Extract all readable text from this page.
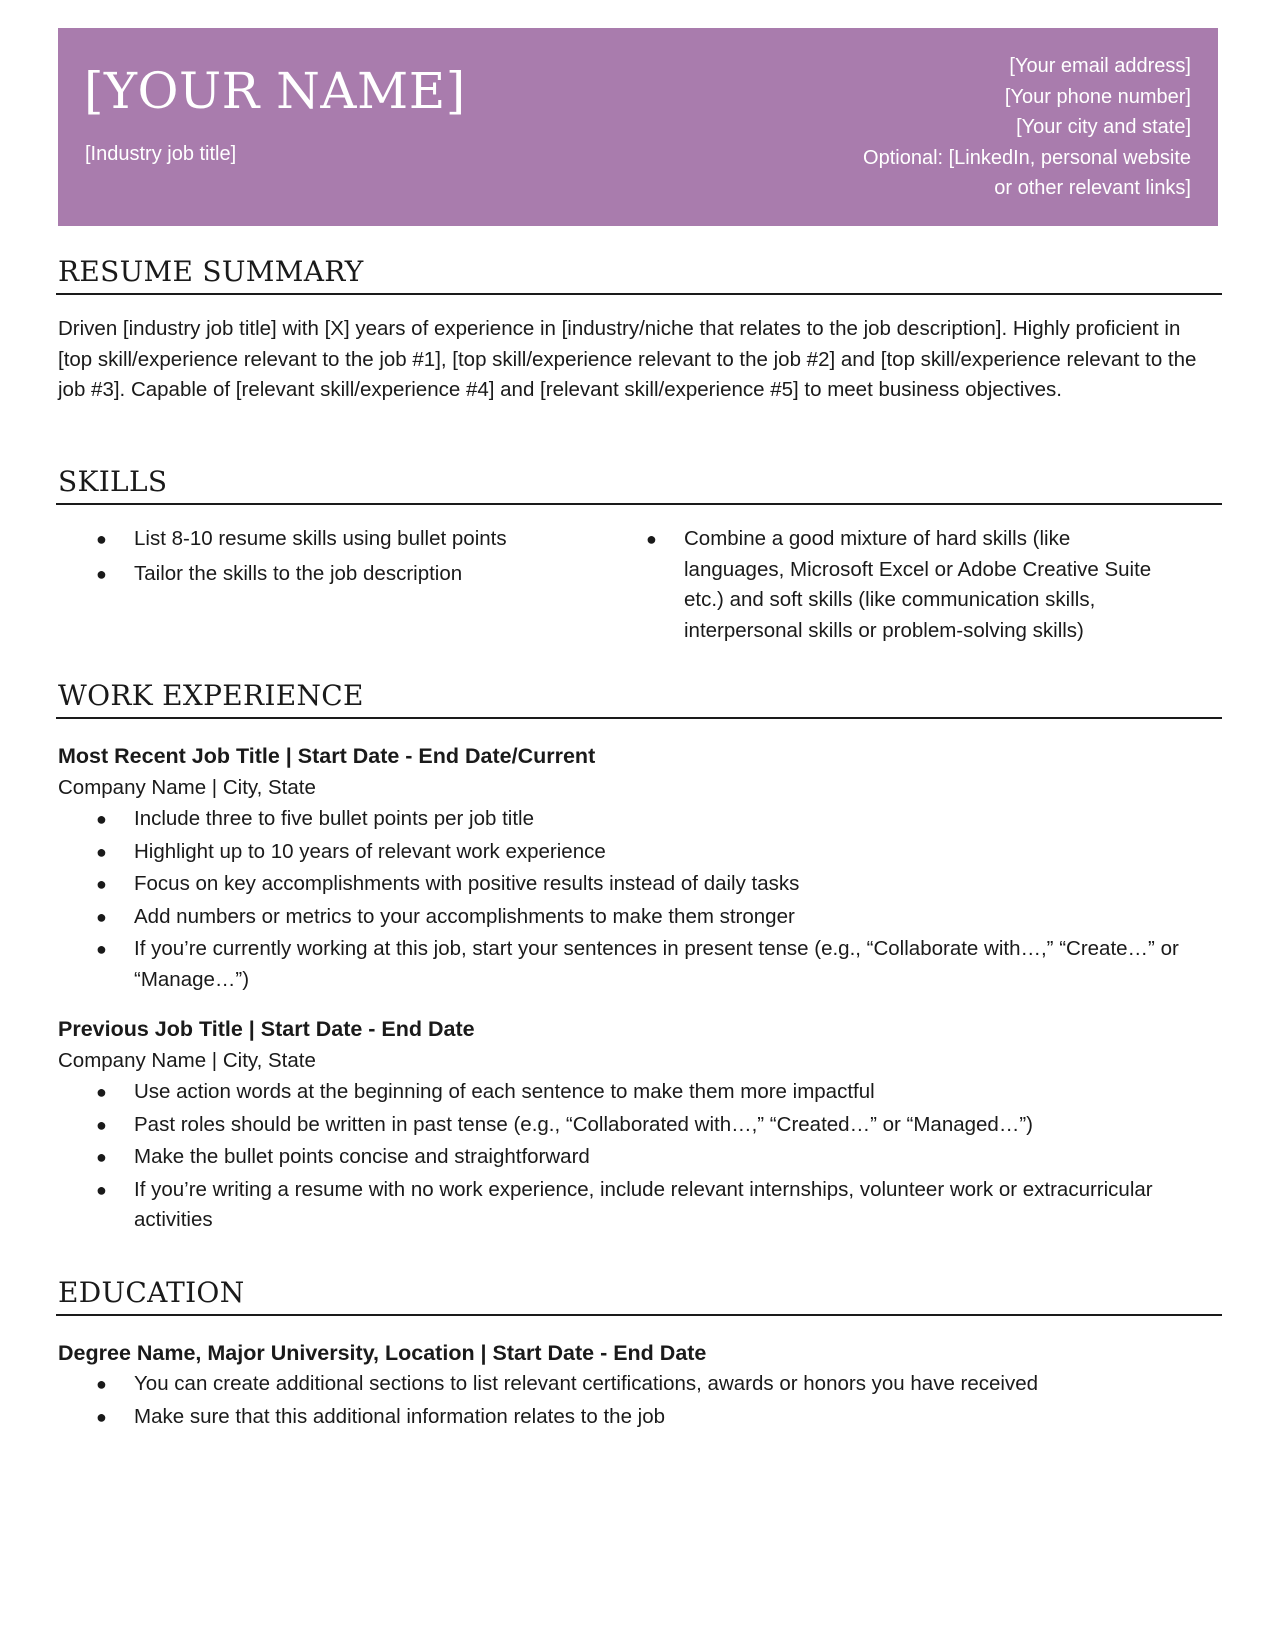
[YOUR NAME]
[Industry job title]
[Your email address]
[Your phone number]
[Your city and state]
Optional: [LinkedIn, personal website
or other relevant links]
RESUME SUMMARY

Driven [industry job title] with [X] years of experience in [industry/niche that relates to the job description]. Highly proficient in [top skill/experience relevant to the job #1], [top skill/experience relevant to the job #2] and [top skill/experience relevant to the job #3]. Capable of [relevant skill/experience #4] and [relevant skill/experience #5] to meet business objectives.

SKILLS
● List 8-10 resume skills using bullet points
● Tailor the skills to the job description
● Combine a good mixture of hard skills (like languages, Microsoft Excel or Adobe Creative Suite etc.) and soft skills (like communication skills, interpersonal skills or problem-solving skills)
WORK EXPERIENCE
Most Recent Job Title | Start Date - End Date/Current
Company Name | City, State
● Include three to five bullet points per job title
● Highlight up to 10 years of relevant work experience
● Focus on key accomplishments with positive results instead of daily tasks
● Add numbers or metrics to your accomplishments to make them stronger
● If you’re currently working at this job, start your sentences in present tense (e.g., “Collaborate with…,” “Create…” or “Manage…”)
Previous Job Title | Start Date - End Date
Company Name | City, State
● Use action words at the beginning of each sentence to make them more impactful
● Past roles should be written in past tense (e.g., “Collaborated with…,” “Created…” or “Managed…”)
● Make the bullet points concise and straightforward
● If you’re writing a resume with no work experience, include relevant internships, volunteer work or extracurricular activities
EDUCATION
Degree Name, Major University, Location | Start Date - End Date
● You can create additional sections to list relevant certifications, awards or honors you have received
● Make sure that this additional information relates to the job
